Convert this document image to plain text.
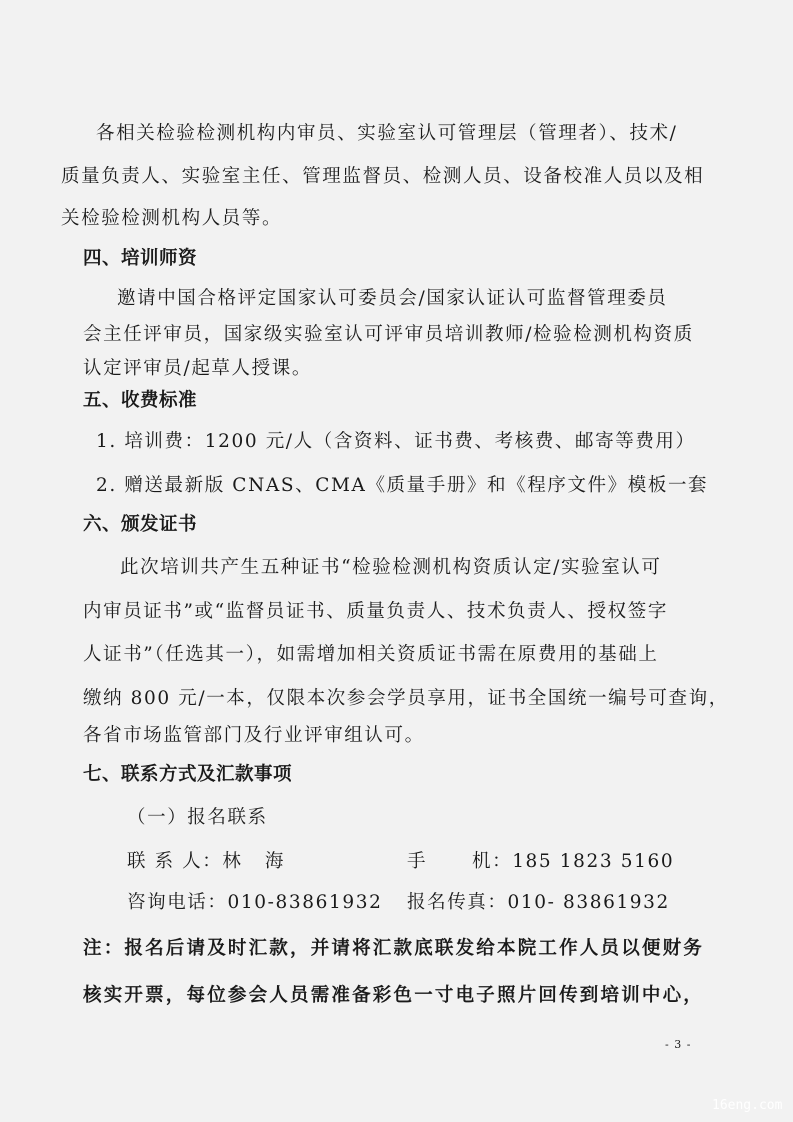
各相关检验检测机构内审员、实验室认可管理层（管理者）、技术/
质量负责人、实验室主任、管理监督员、检测人员、设备校准人员以及相
关检验检测机构人员等。
四、培训师资
邀请中国合格评定国家认可委员会/国家认证认可监督管理委员
会主任评审员，国家级实验室认可评审员培训教师/检验检测机构资质
认定评审员/起草人授课。
五、收费标准
1. 培训费：1200 元/人（含资料、证书费、考核费、邮寄等费用）
2. 赠送最新版 CNAS、CMA《质量手册》和《程序文件》模板一套
六、颁发证书
此次培训共产生五种证书“检验检测机构资质认定/实验室认可
内审员证书”或“监督员证书、质量负责人、技术负责人、授权签字
人证书”（任选其一），如需增加相关资质证书需在原费用的基础上
缴纳 800 元/一本，仅限本次参会学员享用，证书全国统一编号可查询，
各省市场监管部门及行业评审组认可。
七、联系方式及汇款事项
（一）报名联系
联 系 人：林   海	手      机：185 1823 5160
咨询电话：010-83861932 报名传真：010- 83861932
注：报名后请及时汇款，并请将汇款底联发给本院工作人员以便财务
核实开票，每位参会人员需准备彩色一寸电子照片回传到培训中心，
- 3 -
16eng.com
